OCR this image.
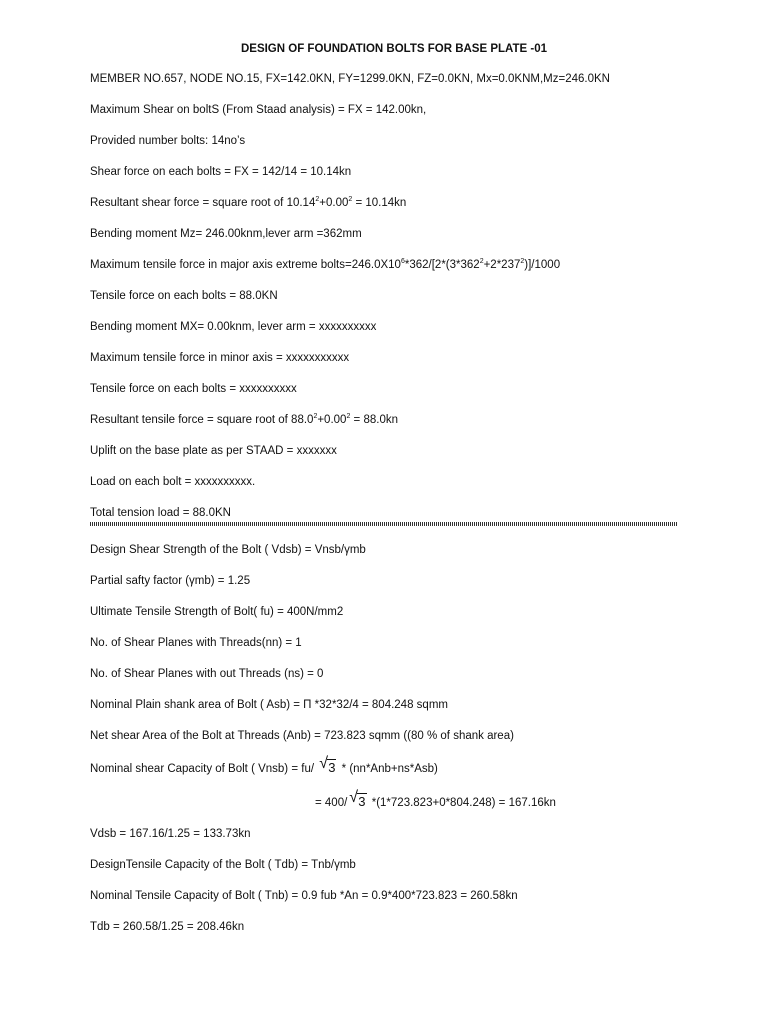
DESIGN OF FOUNDATION BOLTS FOR BASE PLATE -01
MEMBER NO.657, NODE NO.15, FX=142.0KN, FY=1299.0KN, FZ=0.0KN, Mx=0.0KNM,Mz=246.0KN
Maximum Shear on boltS (From Staad analysis) = FX = 142.00kn,
Provided number bolts: 14no’s
Shear force on each bolts = FX = 142/14 = 10.14kn
Resultant shear force = square root of $10.14^2+0.00^2 = 10.14kn$
Bending moment Mz= 246.00knm,lever arm =362mm
Maximum tensile force in major axis extreme $bolts=246.0X10^6*362/[2*(3*362^2+2*237^2)]/1000$
Tensile force on each bolts = 88.0KN
Bending moment MX= 0.00knm, lever arm = xxxxxxxxxx
Maximum tensile force in minor axis = xxxxxxxxxxx
Tensile force on each bolts = xxxxxxxxxx
Resultant tensile force = square root of $88.0^2+0.00^2 = 88.0kn$
Uplift on the base plate as per STAAD = xxxxxxx
Load on each bolt = xxxxxxxxxx.
Total tension load = 88.0KN
Design Shear Strength of the Bolt ( Vdsb) = Vnsb/γmb
Partial safty factor (γmb) = 1.25
Ultimate Tensile Strength of Bolt( fu) = 400N/mm2
No. of Shear Planes with Threads(nn) = 1
No. of Shear Planes with out Threads (ns) = 0
Nominal Plain shank area of Bolt ( Asb) = Π *32*32/4 = 804.248 sqmm
Net shear Area of the Bolt at Threads (Anb) = 723.823 sqmm ((80 % of shank area)
Nominal shear Capacity of Bolt ( Vnsb) = fu/ √ 3 * (nn*Anb+ns*Asb)
= 400/ √ 3 *(1*723.823+0*804.248) = 167.16kn
Vdsb = 167.16/1.25 = 133.73kn
DesignTensile Capacity of the Bolt ( Tdb) = Tnb/γmb
Nominal Tensile Capacity of Bolt ( Tnb) = 0.9 fub *An = 0.9*400*723.823 = 260.58kn
Tdb = 260.58/1.25 = 208.46kn
